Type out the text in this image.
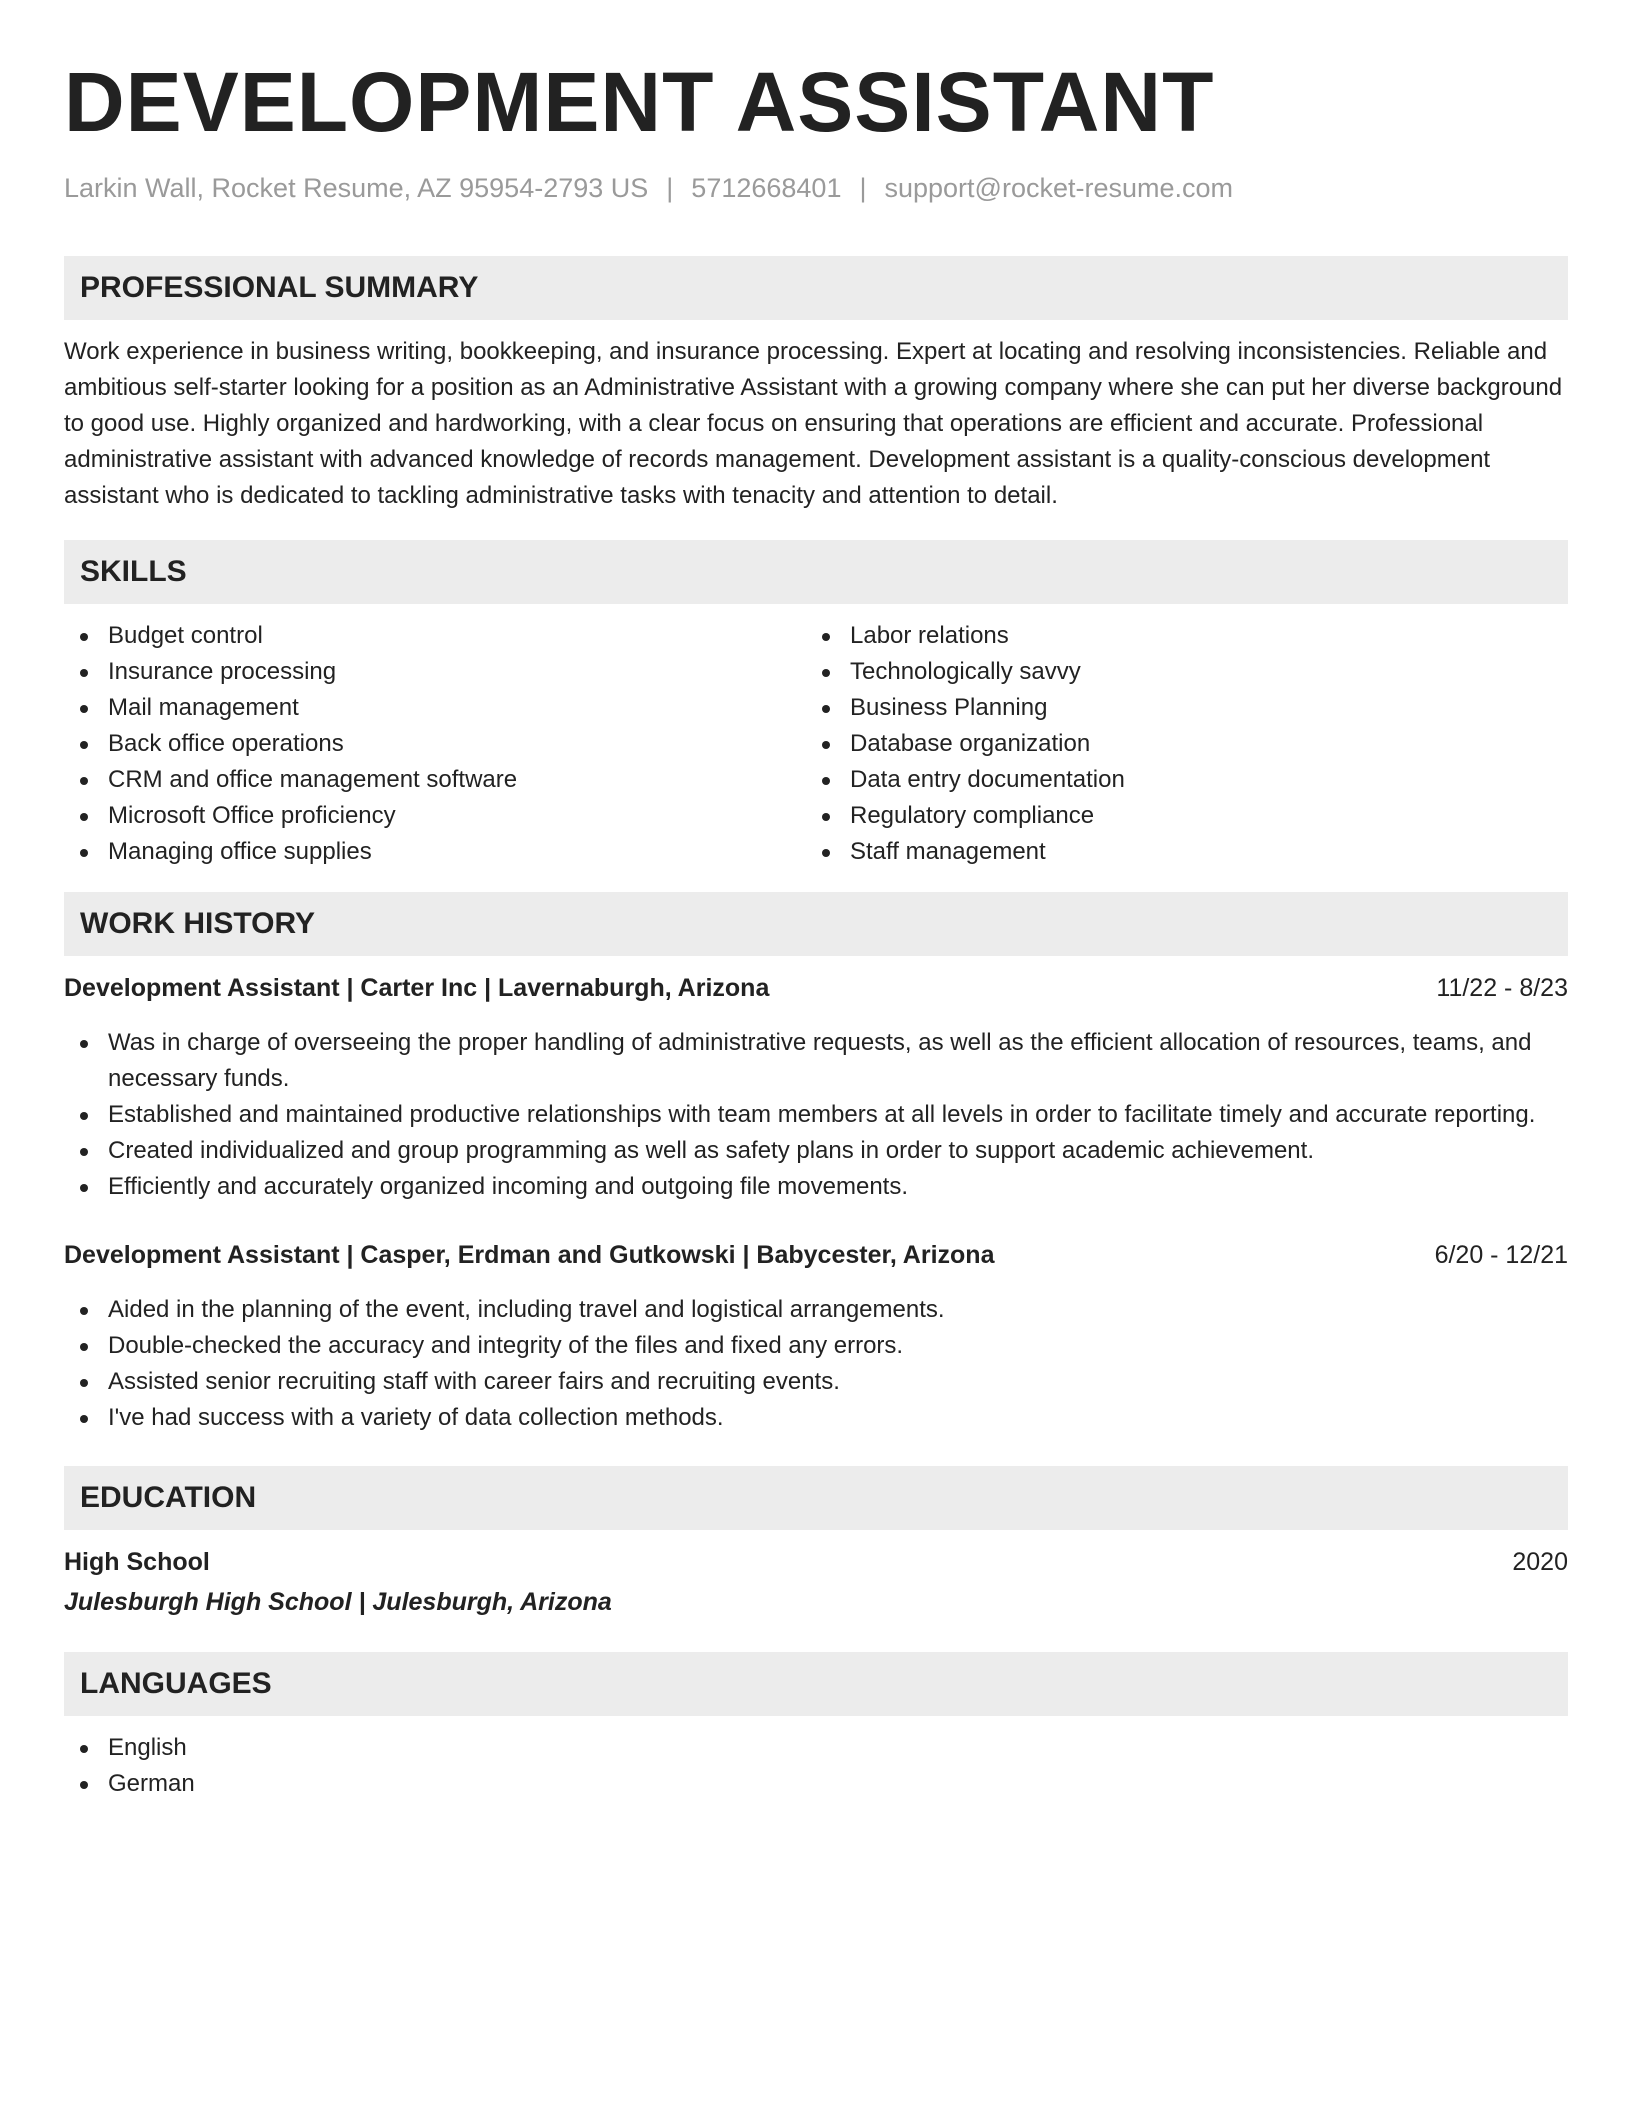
DEVELOPMENT ASSISTANT
Larkin Wall, Rocket Resume, AZ 95954-2793 US | 5712668401 | support@rocket-resume.com
PROFESSIONAL SUMMARY

Work experience in business writing, bookkeeping, and insurance processing. Expert at locating and resolving inconsistencies. Reliable and ambitious self-starter looking for a position as an Administrative Assistant with a growing company where she can put her diverse background to good use. Highly organized and hardworking, with a clear focus on ensuring that operations are efficient and accurate. Professional administrative assistant with advanced knowledge of records management. Development assistant is a quality-conscious development assistant who is dedicated to tackling administrative tasks with tenacity and attention to detail.

SKILLS
Budget control
Insurance processing
Mail management
Back office operations
CRM and office management software
Microsoft Office proficiency
Managing office supplies
Labor relations
Technologically savvy
Business Planning
Database organization
Data entry documentation
Regulatory compliance
Staff management
WORK HISTORY
Development Assistant | Carter Inc | Lavernaburgh, Arizona	11/22 - 8/23
Was in charge of overseeing the proper handling of administrative requests, as well as the efficient allocation of resources, teams, and necessary funds.
Established and maintained productive relationships with team members at all levels in order to facilitate timely and accurate reporting.
Created individualized and group programming as well as safety plans in order to support academic achievement.
Efficiently and accurately organized incoming and outgoing file movements.
Development Assistant | Casper, Erdman and Gutkowski | Babycester, Arizona	6/20 - 12/21
Aided in the planning of the event, including travel and logistical arrangements.
Double-checked the accuracy and integrity of the files and fixed any errors.
Assisted senior recruiting staff with career fairs and recruiting events.
I've had success with a variety of data collection methods.
EDUCATION
High School	2020
Julesburgh High School | Julesburgh, Arizona
LANGUAGES
English
German
